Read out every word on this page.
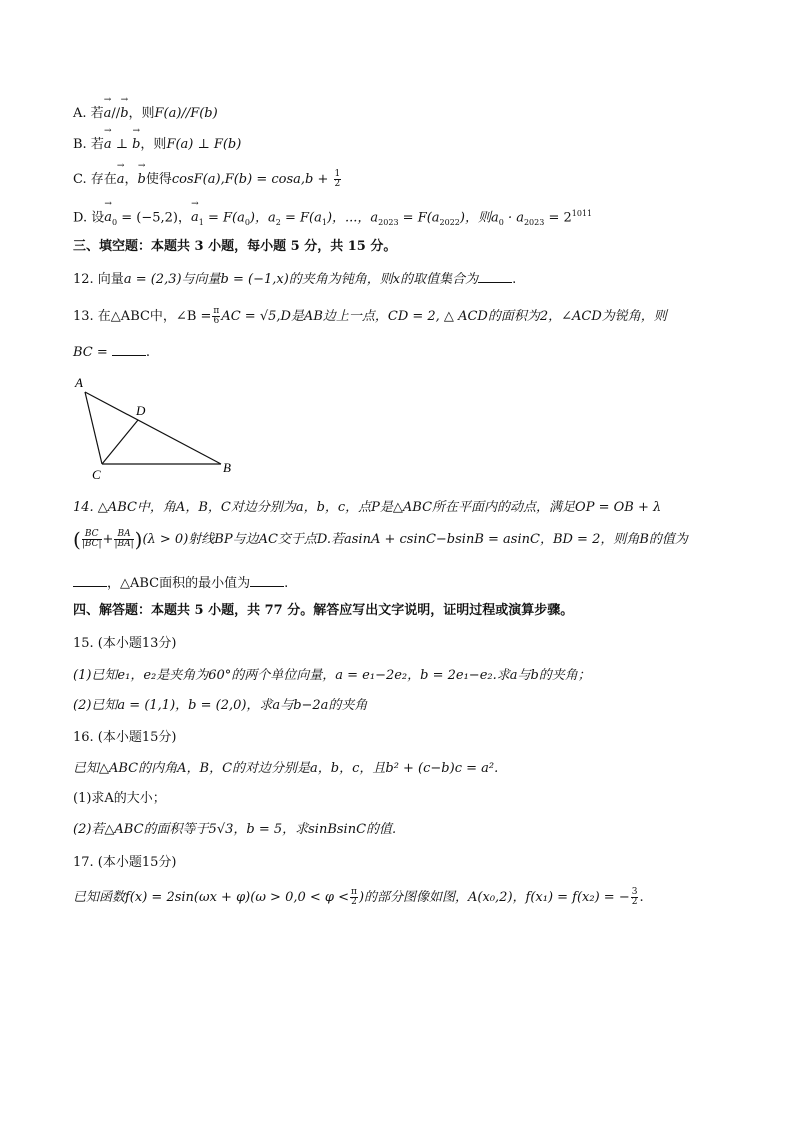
A. 若→ a//→ b，则F(a)//F(b)
B. 若→ a ⊥ → b，则F(a) ⊥ F(b)
C. 存在→ a，→ b使得$\cos F(a),F(b) = \cos a,b + \frac{1}{2}$
D. 设→ $a_0 = (-5,2)$，→ $a_1 = F(a_0)$，$a_2 = F(a_1)$，...，$a_{2023} = F(a_{2022})$，则$a_0 \cdot a_{2023} = 2^{1011}$
三、填空题：本题共 3 小题，每小题 5 分，共 15 分。
12. 向量a = (2,3)与向量b = (−1,x)的夹角为钝角，则x的取值集合为	.
13. 在△ABC中，∠B = $\frac{\pi}{6}$ AC = √5,D是AB边上一点，CD = 2, △ ACD的面积为2，∠ACD为锐角，则
BC =	.
A
D
C	B
14. △ABC中，角A，B，C对边分别为a，b，c，点P是△ABC所在平面内的动点，满足OP = OB + λ
( $\frac{BC}{|BC|} + \frac{BA}{|BA|} )(\lambda > 0)$射线BP与边AC交于点D.若asinA + csinC−bsinB = asinC，BD = 2，则角B的值为
，△ABC面积的最小值为	.
四、解答题：本题共 5 小题，共 77 分。解答应写出文字说明，证明过程或演算步骤。
15. (本小题13分)
(1)已知e₁，e₂是夹角为60°的两个单位向量，a = e₁−2e₂，b = 2e₁−e₂.求a与b的夹角；
(2)已知a = (1,1)，b = (2,0)，求a与b−2a的夹角
16. (本小题15分)
已知△ABC的内角A，B，C的对边分别是a，b，c，且b² + (c−b)c = a².
(1)求A的大小；
(2)若△ABC的面积等于5√3，b = 5，求sinBsinC的值.
17. (本小题15分)
已知函数$f(x) = 2\sin(\omega x + \varphi)(\omega > 0,0 < \varphi < \frac{\pi}{2}$ )的部分图像如图，A(x₀,2)，f(x₁) = f(x₂) = − $\frac{3}{2}$ .
